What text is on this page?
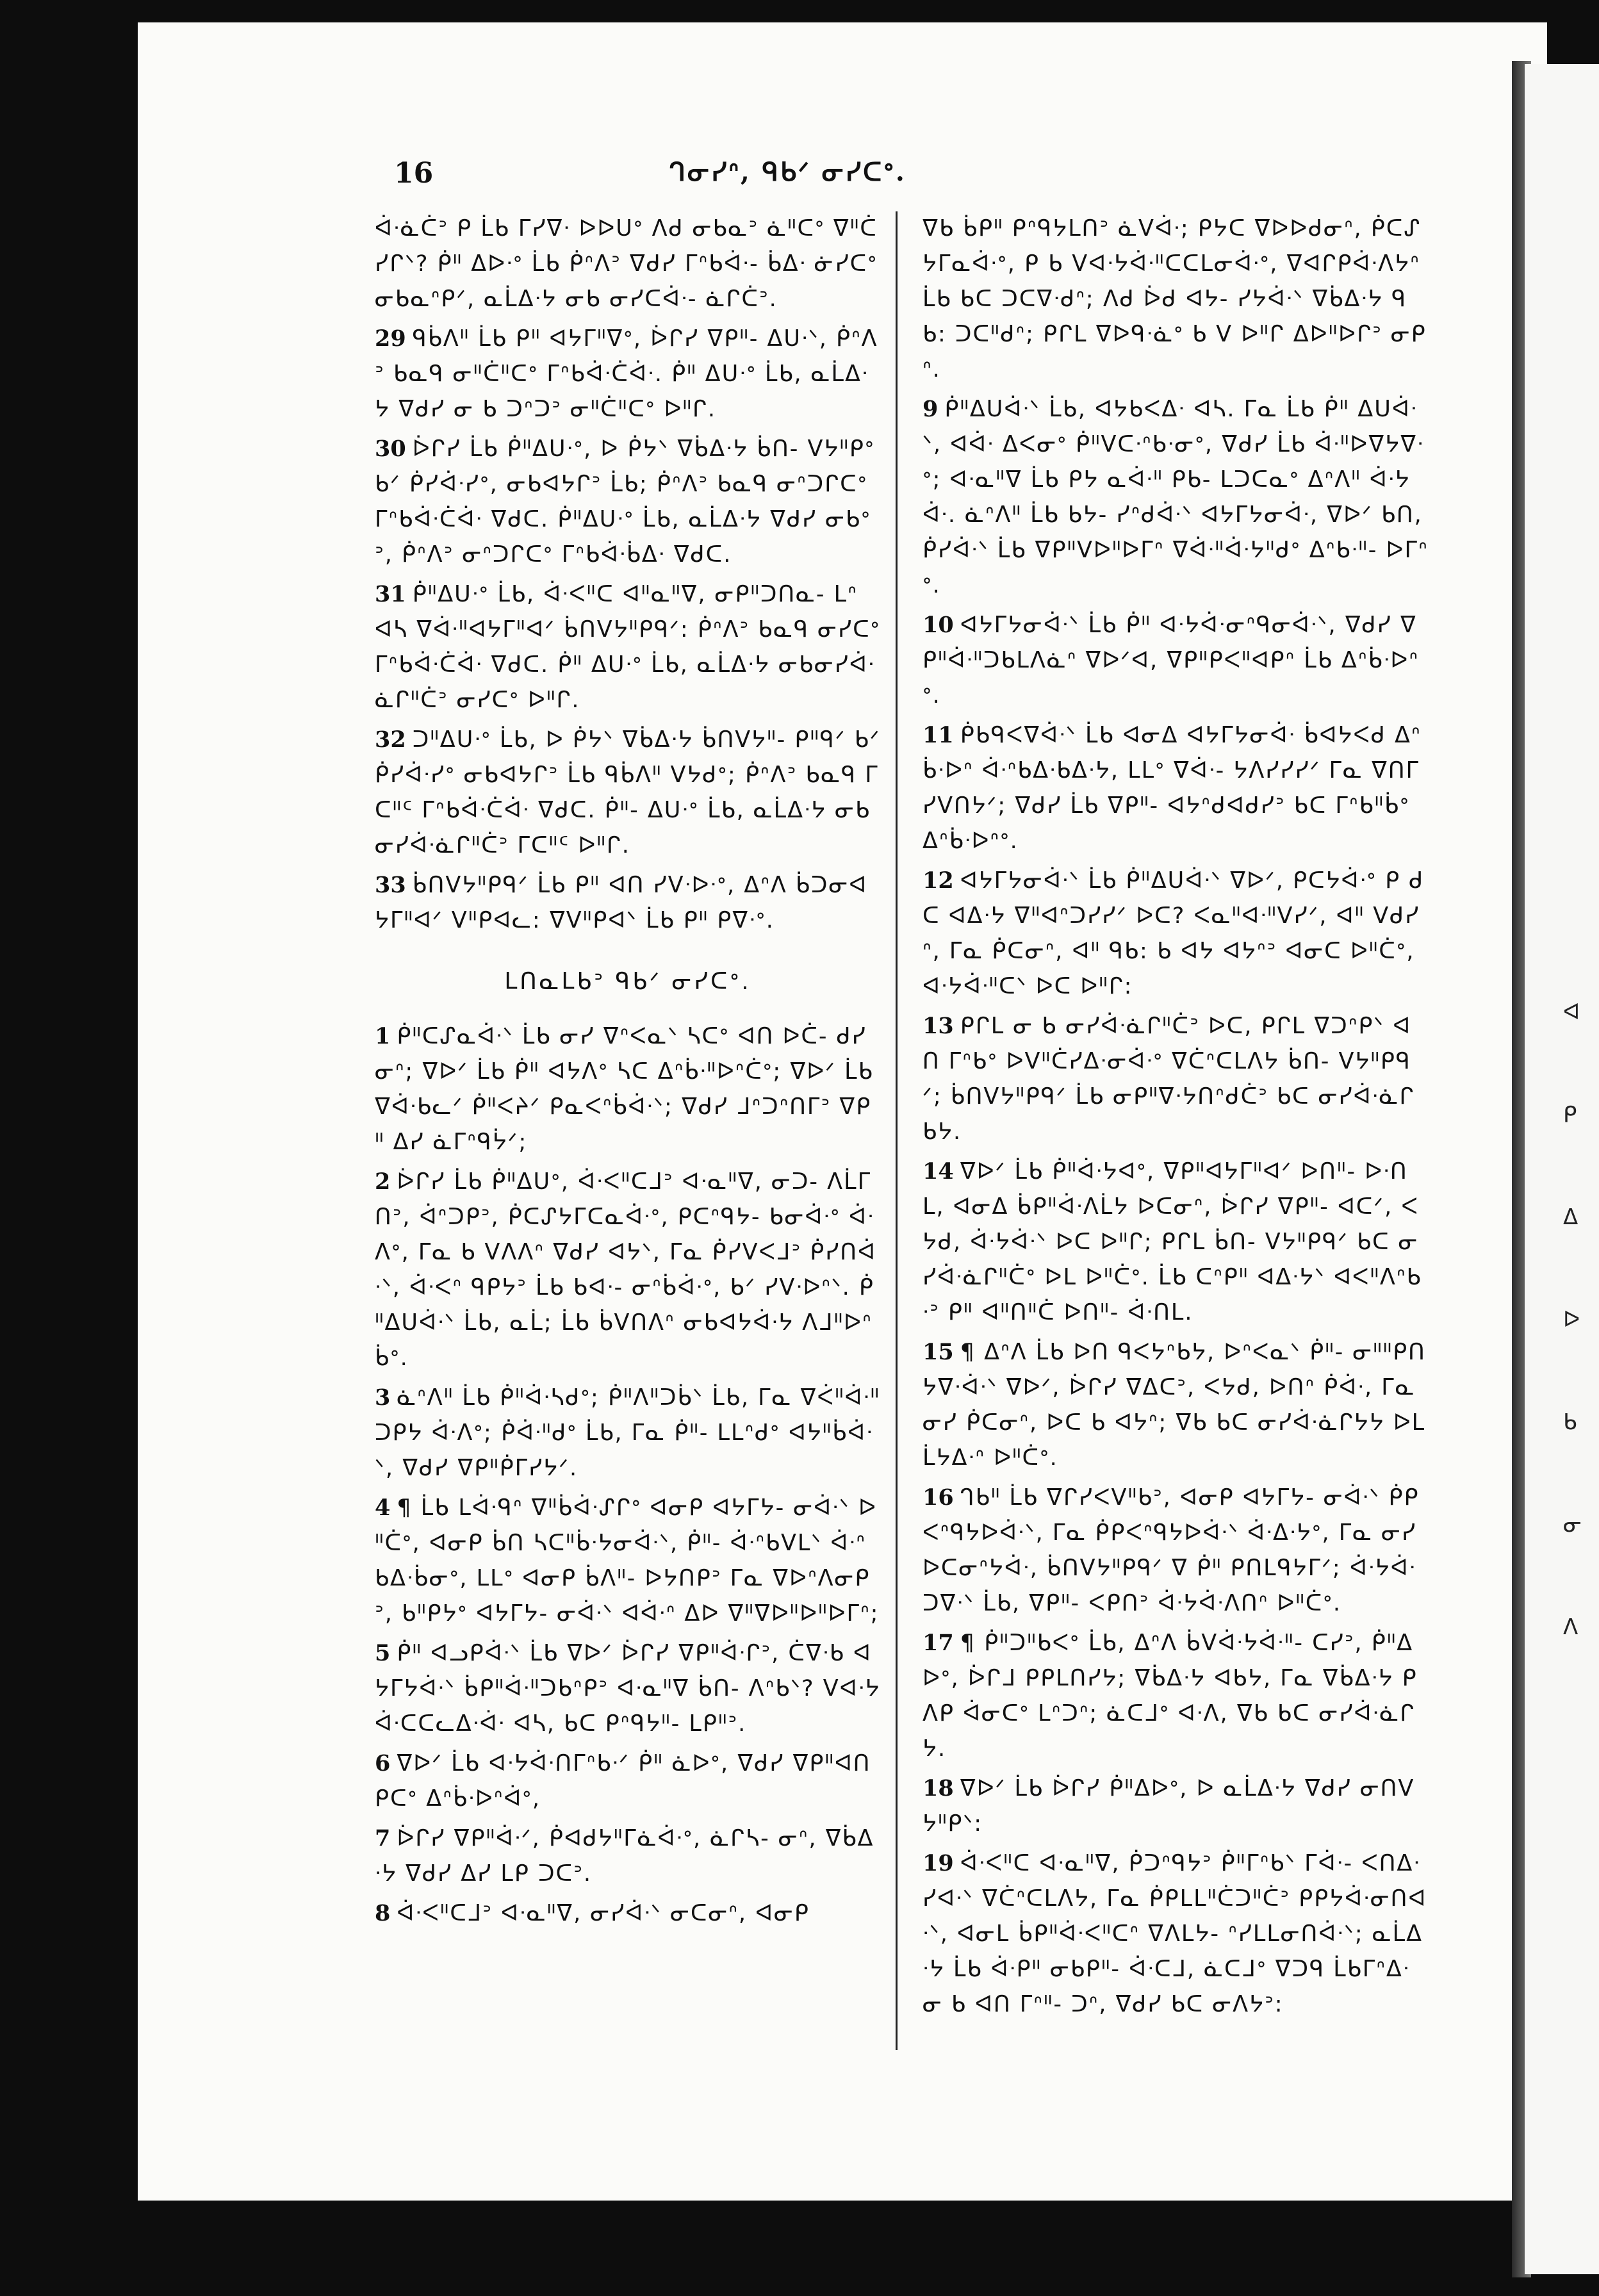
16	ᒉᓂᓯᐢ, ᑫᑲᐟ ᓂᓯᑕᐤ.

ᐋᐧᓈᑖᐣ ᑭ ᒫᑲ ᒥᓯᐁᐧ ᐅᐅᑌᐤ ᐱᑯ ᓂᑲᓇᐣ ᓈᐦᑕᐤ ᐁᐦᑖᓯᒋᐠ? ᑮᐦ ᐃᐅᐧᐤ ᒫᑲ ᑮᐢᐱᐣ ᐁᑯᓯ ᒥᐢᑲᐋᐧ- ᑳᐃᐧ ᓃᓯᑕᐤ ᓂᑲᓇᐢᑭᐟ, ᓇᒫᐃᐧᔭ ᓂᑲ ᓂᓯᑕᐋᐧ- ᓈᒋᑖᐣ.

29 ᑫᑳᐱᐦ ᒫᑲ ᑭᐦ ᐊᔭᒥᐦᐁᐤ, ᐆᒋᓯ ᐁᑭᐦ- ᐃᑌᐧᐠ, ᑮᐢᐱᐣ ᑲᓇᑫ ᓂᐦᑖᐦᑕᐤ ᒥᐢᑲᐋᐧᑖᐋᐧ. ᑮᐦ ᐃᑌᐧᐤ ᒫᑲ, ᓇᒫᐃᐧᔭ ᐁᑯᓯ ᓂ ᑲ ᑐᐢᑐᐣ ᓂᐦᑖᐦᑕᐤ ᐅᐦᒋ.

30 ᐆᒋᓯ ᒫᑲ ᑮᐦᐃᑌᐧᐤ, ᐅ ᑮᔭᐠ ᐁᑳᐃᐧᔭ ᑳᑎ- ᐯᔭᐦᑭᐤ ᑲᐟ ᑮᓯᐋᐧᓯᐤ, ᓂᑲᐊᔭᒋᐣ ᒫᑲ; ᑮᐢᐱᐣ ᑲᓇᑫ ᓂᐢᑐᒋᑕᐤ ᒥᐢᑲᐋᐧᑖᐋᐧ ᐁᑯᑕ. ᑮᐦᐃᑌᐧᐤ ᒫᑲ, ᓇᒫᐃᐧᔭ ᐁᑯᓯ ᓂᑲᐤᐣ, ᑮᐢᐱᐣ ᓂᐢᑐᒋᑕᐤ ᒥᐢᑲᐋᐧᑳᐃᐧ ᐁᑯᑕ.

31 ᑮᐦᐃᑌᐧᐤ ᒫᑲ, ᐋᐧᐸᐦᑕ ᐊᐦᓇᐦᐁ, ᓂᑭᐦᑐᑎᓇ- ᒪᐢ ᐊᓴ ᐁᐋᐧᐦᐊᔭᒥᐦᐊᐟ ᑳᑎᐯᔭᐦᑭᑫᐟ: ᑮᐢᐱᐣ ᑲᓇᑫ ᓂᓯᑕᐤ ᒥᐢᑲᐋᐧᑖᐋᐧ ᐁᑯᑕ. ᑮᐦ ᐃᑌᐧᐤ ᒫᑲ, ᓇᒫᐃᐧᔭ ᓂᑲᓂᓯᐋᐧᓈᒋᐦᑖᐣ ᓂᓯᑕᐤ ᐅᐦᒋ.

32 ᑐᐦᐃᑌᐧᐤ ᒫᑲ, ᐅ ᑮᔭᐠ ᐁᑳᐃᐧᔭ ᑳᑎᐯᔭᐦ- ᑭᐦᑫᐟ ᑲᐟ ᑮᓯᐋᐧᓯᐤ ᓂᑲᐊᔭᒋᐣ ᒫᑲ ᑫᑳᐱᐦ ᐯᔭᑯᐤ; ᑮᐢᐱᐣ ᑲᓇᑫ ᒥᑕᐦᑦ ᒥᐢᑲᐋᐧᑖᐋᐧ ᐁᑯᑕ. ᑮᐦ- ᐃᑌᐧᐤ ᒫᑲ, ᓇᒫᐃᐧᔭ ᓂᑲᓂᓯᐋᐧᓈᒋᐦᑖᐣ ᒥᑕᐦᑦ ᐅᐦᒋ.

33 ᑳᑎᐯᔭᐦᑭᑫᐟ ᒫᑲ ᑭᐦ ᐊᑎ ᓯᐯᐧᐅᐧᐤ, ᐃᐢᐱ ᑳᑐᓂᐊᔭᒥᐦᐊᐟ ᐯᐦᑭᐊᓚ: ᐁᐯᐦᑭᐊᐠ ᒫᑲ ᑭᐦ ᑭᐁᐧᐤ.

ᒪᑎᓇᒪᑲᐣ ᑫᑲᐟ ᓂᓯᑕᐤ.

1 ᑮᐦᑕᔑᓇᐋᐧᐠ ᒫᑲ ᓂᓯ ᐁᐢᐸᓇᐠ ᓴᑕᐤ ᐊᑎ ᐅᑖ- ᑯᓯᓂᐢ; ᐁᐅᐟ ᒫᑲ ᑮᐦ ᐊᔭᐱᐤ ᓴᑕ ᐃᐢᑳᐧᐦᐅᐢᑖᐤ; ᐁᐅᐟ ᒫᑲ ᐁᐋᐧᑲᓚᐟ ᑮᐦᐸᔨᐟ ᑭᓇᐸᐢᑳᐋᐧᐠ; ᐁᑯᓯ ᒧᐢᑐᐢᑎᒥᐣ ᐁᑭᐦ ᐃᓯ ᓈᒥᐢᑫᔮᐟ;

2 ᐆᒋᓯ ᒫᑲ ᑮᐦᐃᑌᐤ, ᐋᐧᐸᐦᑕᒧᐣ ᐊᐧᓇᐦᐁ, ᓂᑐ- ᐱᒫᒥᑎᐣ, ᐋᐢᑐᑭᐣ, ᑮᑕᔑᔭᒥᑕᓇᐋᐧᐤ, ᑭᑕᐢᑫᔭ- ᑲᓂᐋᐧᐤ ᐋᐧᐱᐤ, ᒥᓇ ᑲ ᐯᐱᐱᐢ ᐁᑯᓯ ᐊᔭᐠ, ᒥᓇ ᑮᓯᐯᐸᒧᐣ ᑮᓯᑎᐋᐧᐠ, ᐋᐧᐸᐢ ᑫᑭᔭᐣ ᒫᑲ ᑲᐊᐧ- ᓂᐢᑳᐋᐧᐤ, ᑲᐟ ᓯᐯᐧᐅᐢᐠ. ᑮᐦᐃᑌᐋᐧᐠ ᒫᑲ, ᓇᒫ; ᒫᑲ ᑳᐯᑎᐱᐢ ᓂᑲᐊᔭᐋᐧᔭ ᐱᒧᐦᐅᐢᑳᐤ.

3 ᓈᐢᐱᐦ ᒫᑲ ᑮᐦᐋᐧᓴᑯᐤ; ᑮᐦᐱᐦᑐᑳᐠ ᒫᑲ, ᒥᓇ ᐁᐹᐦᐋᐧᐦᑐᑭᔭ ᐋᐧᐱᐤ; ᑮᐋᐧᐦᑯᐤ ᒫᑲ, ᒥᓇ ᑮᐦ- ᒪᒪᐢᑯᐤ ᐊᔭᐦᑳᐋᐧᐠ, ᐁᑯᓯ ᐁᑭᐦᑮᒥᓯᔭᐟ.

4 ¶ ᒫᑲ ᒪᐋᐧᑫᐢ ᐁᐦᑳᐋᐧᔑᒋᐤ ᐊᓂᑭ ᐊᔭᒥᔭ- ᓂᐋᐧᐠ ᐅᐦᑖᐤ, ᐊᓂᑭ ᑳᑎ ᓴᑕᐦᑳᐧᔭᓂᐋᐧᐠ, ᑮᐦ- ᐋᐧᐢᑲᐯᒪᐠ ᐋᐧᐢᑲᐃᐧᑳᓂᐤ, ᒪᒪᐤ ᐊᓂᑭ ᑳᐱᐦ- ᐅᔭᑎᑭᐣ ᒥᓇ ᐁᐅᐢᐱᓂᑭᐣ, ᑲᐦᑭᔭᐤ ᐊᔭᒥᔭ- ᓂᐋᐧᐠ ᐊᐋᐧᐢ ᐃᐅ ᐁᐦᐁᐅᐦᐅᐦᐅᒥᐢ;

5 ᑮᐦ ᐊᓗᑭᐋᐧᐠ ᒫᑲ ᐁᐅᐟ ᐆᒋᓯ ᐁᑭᐦᐋᐧᒋᐣ, ᑖᐁᐧᑲ ᐊᔭᒥᔭᐋᐧᐠ ᑳᑭᐦᐋᐧᐦᑐᑲᐢᑭᐣ ᐊᐧᓇᐦᐁ ᑳᑎ- ᐱᐢᑲᐠ? ᐯᐊᐧᔭᐋᐧᑕᑕᓚᐃᐧᐋᐧ ᐊᓴ, ᑲᑕ ᑭᐢᑫᔭᐦ- ᒪᑭᐦᐣ.

6 ᐁᐅᐟ ᒫᑲ ᐊᐧᔭᐋᐧᑎᒥᐢᑲᐧᐟ ᑮᐦ ᓈᐅᐤ, ᐁᑯᓯ ᐁᑭᐦᐊᑎᑭᑕᐤ ᐃᐢᑳᐧᐅᐢᐋᐤ,

7 ᐆᒋᓯ ᐁᑭᐦᐋᐧᐟ, ᑮᐊᑯᔭᐦᒥᓈᐋᐧᐤ, ᓈᒋᓴ- ᓂᐢ, ᐁᑳᐃᐧᔭ ᐁᑯᓯ ᐃᓯ ᒪᑭ ᑐᑕᐣ.

8 ᐋᐧᐸᐦᑕᒧᐣ ᐊᐧᓇᐦᐁ, ᓂᓯᐋᐧᐠ ᓂᑕᓂᐢ, ᐊᓂᑭ

ᐁᑲ ᑳᑭᐦ ᑭᐢᑫᔭᒪᑎᐣ ᓈᐯᐋᐧ; ᑭᔭᑕ ᐁᐅᐅᑯᓂᐢ, ᑮᑕᔑᔭᒥᓇᐋᐧᐤ, ᑭ ᑲ ᐯᐊᐧᔭᐋᐧᐦᑕᑕᒪᓂᐋᐧᐤ, ᐁᐊᒋᑭᐋᐧᐱᔭᐢ ᒫᑲ ᑲᑕ ᑐᑕᐁᐧᑯᐢ; ᐱᑯ ᐆᑯ ᐊᔭ- ᓯᔭᐋᐧᐠ ᐁᑳᐃᐧᔭ ᑫᑲ: ᑐᑕᐦᑯᐢ; ᑭᒋᒪ ᐁᐅᑫᐧᓈᐤ ᑲ ᐯ ᐅᐦᒋ ᐃᐅᐦᐅᒋᐣ ᓂᑭᐢ.

9 ᑮᐦᐃᑌᐋᐧᐠ ᒫᑲ, ᐊᔭᑲᐸᐃᐧ ᐊᓴ. ᒥᓇ ᒫᑲ ᑮᐦ ᐃᑌᐋᐧᐠ, ᐊᐋᐧ ᐃᐸᓂᐤ ᑮᐦᐯᑕᐧᐢᑲᐧᓂᐤ, ᐁᑯᓯ ᒫᑲ ᐋᐧᐦᐅᐁᔭᐁᐧᐤ; ᐊᐧᓇᐦᐁ ᒫᑲ ᑭᔭ ᓇᐋᐧᐦ ᑭᑲ- ᒪᑐᑕᓇᐤ ᐃᐢᐱᐦ ᐋᐧᔭᐋᐧ. ᓈᐢᐱᐦ ᒫᑲ ᑲᔭ- ᓯᐢᑯᐋᐧᐠ ᐊᔭᒥᔭᓂᐋᐧ, ᐁᐅᐟ ᑲᑎ, ᑮᓯᐋᐧᐠ ᒫᑲ ᐁᑭᐦᐯᐅᐦᐅᒥᐢ ᐁᐋᐧᐦᐋᐧᔭᐦᑯᐤ ᐃᐢᑲᐧᐦ- ᐅᒥᐢᐤ.

10 ᐊᔭᒥᔭᓂᐋᐧᐠ ᒫᑲ ᑮᐦ ᐊᐧᔭᐋᐧᓂᐢᑫᓂᐋᐧᐠ, ᐁᑯᓯ ᐁᑭᐦᐋᐧᐦᑐᑲᒪᐱᓈᐢ ᐁᐅᐟᐊ, ᐁᑭᐦᑭᐸᐦᐊᑭᐢ ᒫᑲ ᐃᐢᑳᐧᐅᐢᐤ.

11 ᑮᑲᑫᐸᐁᐋᐧᐠ ᒫᑲ ᐊᓂᐃ ᐊᔭᒥᔭᓂᐋᐧ ᑳᐊᔭᐸᑯ ᐃᐢᑳᐧᐅᐢ ᐋᐧᐢᑲᐃᐧᑲᐃᐧᔭ, ᒪᒪᐤ ᐁᐋᐧ- ᔭᐱᓯᓯᓯᐟ ᒥᓇ ᐁᑎᒥᓯᐯᑎᔭᐟ; ᐁᑯᓯ ᒫᑲ ᐁᑭᐦ- ᐊᔭᐢᑯᐊᑯᓯᐣ ᑲᑕ ᒥᐢᑲᐦᑳᐤ ᐃᐢᑳᐧᐅᐢᐤ.

12 ᐊᔭᒥᔭᓂᐋᐧᐠ ᒫᑲ ᑮᐦᐃᑌᐋᐧᐠ ᐁᐅᐟ, ᑭᑕᔭᐋᐧᐤ ᑭ ᑯᑕ ᐊᐃᐧᔭ ᐁᐦᐊᐢᑐᓯᓯᐟ ᐅᑕ? ᐸᓇᐦᐊᐧᐦᐯᓯᐟ, ᐊᐦ ᐯᑯᓯᐢ, ᒥᓇ ᑮᑕᓂᐢ, ᐊᐦ ᑫᑲ: ᑲ ᐊᔭ ᐊᔭᐢᐣ ᐊᓂᑕ ᐅᐦᑖᐤ, ᐊᐧᔭᐋᐧᐦᑕᐠ ᐅᑕ ᐅᐦᒋ:

13 ᑭᒋᒪ ᓂ ᑲ ᓂᓯᐋᐧᓈᒋᐦᑖᐣ ᐅᑕ, ᑭᒋᒪ ᐁᑐᐢᑭᐠ ᐊᑎ ᒥᐢᑲᐤ ᐅᐯᐦᑖᓯᐃᐧᓂᐋᐧᐤ ᐁᑖᐢᑕᒪᐱᔭ ᑳᑎ- ᐯᔭᐦᑭᑫᐟ; ᑳᑎᐯᔭᐦᑭᑫᐟ ᒫᑲ ᓂᑭᐦᐁᐧᔭᑎᐢᑯᑖᐣ ᑲᑕ ᓂᓯᐋᐧᓈᒋᑲᔭ.

14 ᐁᐅᐟ ᒫᑲ ᑮᐦᐋᐧᔭᐊᐤ, ᐁᑭᐦᐊᔭᒥᐦᐊᐟ ᐅᑎᐦ- ᐅᐧᑎᒪ, ᐊᓂᐃ ᑳᑭᐦᐋᐧᐱᒫᔭ ᐅᑕᓂᐢ, ᐆᒋᓯ ᐁᑭᐦ- ᐊᑕᐟ, ᐸᔭᑯ, ᐋᐧᔭᐋᐧᐠ ᐅᑕ ᐅᐦᒋ; ᑭᒋᒪ ᑳᑎ- ᐯᔭᐦᑭᑫᐟ ᑲᑕ ᓂᓯᐋᐧᓈᒋᐦᑖᐤ ᐅᒪ ᐅᐦᑖᐤ. ᒫᑲ ᑕᐢᑭᐦ ᐊᐃᐧᔭᐠ ᐊᐸᐦᐱᐢᑲᐧᐣ ᑭᐦ ᐊᐦᑎᐦᑖ ᐅᑎᐦ- ᐋᐧᑎᒪ.

15 ¶ ᐃᐢᐱ ᒫᑲ ᐅᑎ ᑫᐸᔭᐢᑲᔭ, ᐅᐢᐸᓇᐠ ᑮᐦ- ᓂᐦᐦᑭᑎᔭᐁᐧᐋᐧᐠ ᐁᐅᐟ, ᐆᒋᓯ ᐁᐃᑕᐣ, ᐸᔭᑯ, ᐅᑎᐢ ᑮᐋᐧ, ᒥᓇ ᓂᓯ ᑮᑕᓂᐢ, ᐅᑕ ᑲ ᐊᔭᐢ; ᐁᑲ ᑲᑕ ᓂᓯᐋᐧᓈᒋᔭᔭ ᐅᒪᒫᔭᐃᐧᐢ ᐅᐦᑖᐤ.

16 ᒉᑲᐦ ᒫᑲ ᐁᒋᓯᐸᐯᐦᑲᐣ, ᐊᓂᑭ ᐊᔭᒥᔭ- ᓂᐋᐧᐠ ᑮᑭᐸᐢᑫᔭᐅᐋᐧᐠ, ᒥᓇ ᑮᑭᐸᐢᑫᔭᐅᐋᐧᐠ ᐋᐧᐃᐧᔭᐤ, ᒥᓇ ᓂᓯ ᐅᑕᓂᐢᔭᐋᐧ, ᑳᑎᐯᔭᐦᑭᑫᐟ ᐁ ᑮᐦ ᑭᑎᒪᑫᔭᒥᐟ; ᐋᐧᔭᐋᐧᑐᐁᐧᐠ ᒫᑲ, ᐁᑭᐦ- ᐸᑭᑎᐣ ᐋᐧᔭᐋᐧᐱᑎᐢ ᐅᐦᑖᐤ.

17 ¶ ᑮᐦᑐᐦᑲᐸᐤ ᒫᑲ, ᐃᐢᐱ ᑳᐯᐋᐧᔭᐋᐧᐦ- ᑕᓯᐣ, ᑮᐦᐃᐅᐤ, ᐆᒋᒧ ᑭᑭᒪᑎᓯᔭ; ᐁᑳᐃᐧᔭ ᐊᑲᔭ, ᒥᓇ ᐁᑳᐃᐧᔭ ᑭᐱᑭ ᐋᓂᑕᐤ ᒪᐢᑐᐢ; ᓈᑕᒧᐤ ᐊᐧᐱ, ᐁᑲ ᑲᑕ ᓂᓯᐋᐧᓈᒋᔭ.

18 ᐁᐅᐟ ᒫᑲ ᐆᒋᓯ ᑮᐦᐃᐅᐤ, ᐅ ᓇᒫᐃᐧᔭ ᐁᑯᓯ ᓂᑎᐯᔭᐦᑭᐠ:

19 ᐋᐧᐸᐦᑕ ᐊᐧᓇᐦᐁ, ᑮᑐᐢᑫᔭᐣ ᑮᐦᒥᐢᑲᐠ ᒥᐋᐧ- ᐸᑎᐃᐧᓯᐊᐧᐠ ᐁᑖᐢᑕᒪᐱᔭ, ᒥᓇ ᑮᑭᒪᒪᐦᑖᑐᐦᑖᐣ ᑭᑭᔭᐋᐧᓂᑎᐊᐧᐠ, ᐊᓂᒪ ᑳᑭᐦᐋᐧᐸᐦᑕᐢ ᐁᐱᒪᔭ- ᐢᓯᒪᒪᓂᑎᐋᐧᐠ; ᓇᒫᐃᐧᔭ ᒫᑲ ᐋᐧᑭᐦ ᓂᑲᑭᐦ- ᐋᐧᑕᒧ, ᓈᑕᒧᐤ ᐁᑐᑫ ᒫᑲᒥᐢᐃᐧ ᓂ ᑲ ᐊᑎ ᒥᐢᐦ- ᑐᐢ, ᐁᑯᓯ ᑲᑕ ᓂᐱᔭᐣ:

ᐊ
ᑭ
ᐃ
ᐅ
ᑲ
ᓂ
ᐱ
